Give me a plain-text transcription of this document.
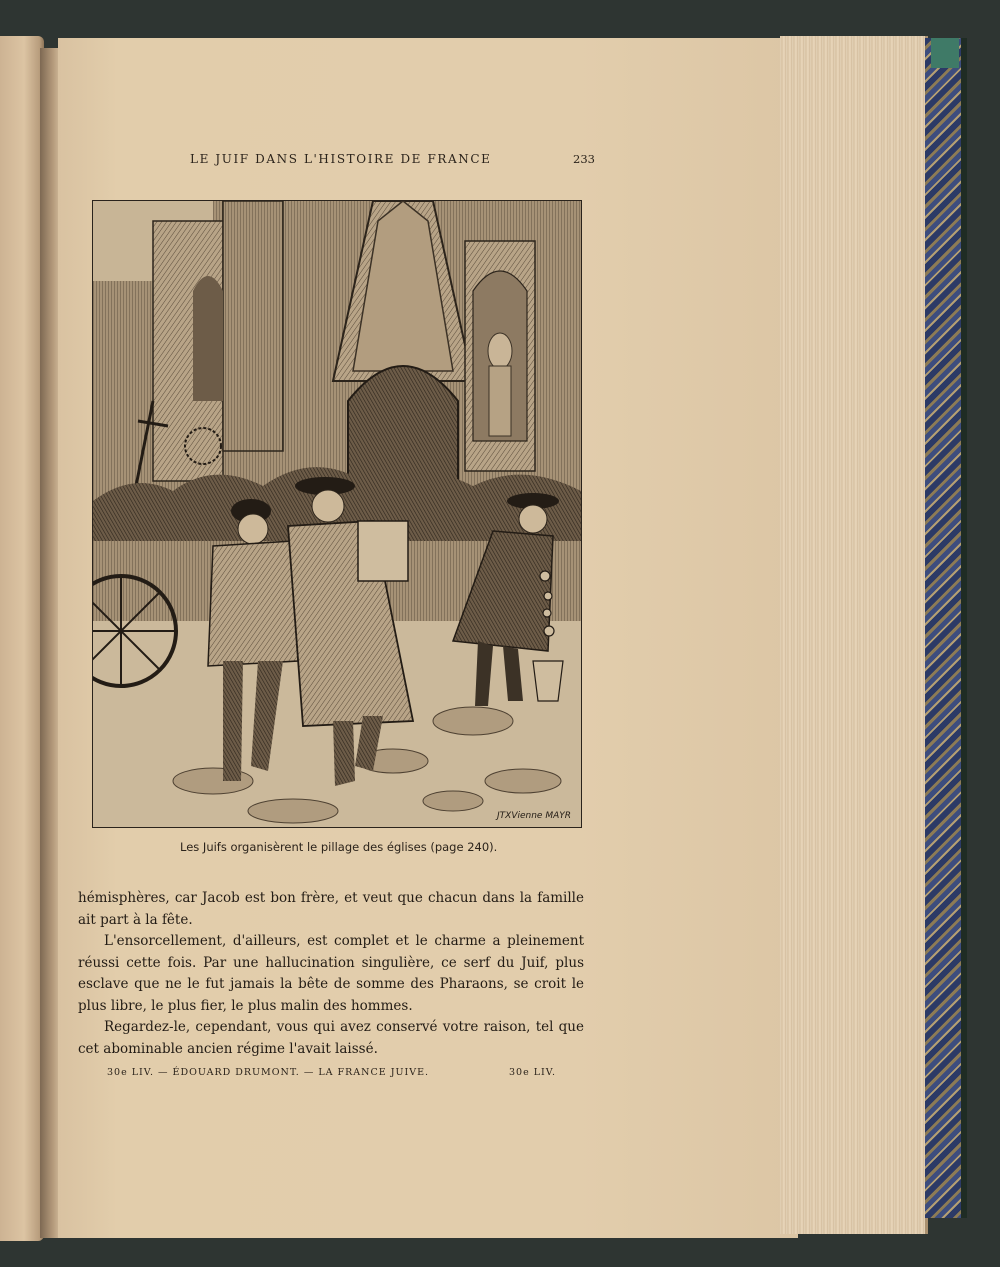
LE JUIF DANS L'HISTOIRE DE FRANCE	233
JTXVienne MAYR
Les Juifs organisèrent le pillage des églises (page 240).

hémisphères, car Jacob est bon frère, et veut que chacun dans la famille ait part à la fête.

L'ensorcellement, d'ailleurs, est complet et le charme a pleinement réussi cette fois. Par une hallucination singulière, ce serf du Juif, plus esclave que ne le fut jamais la bête de somme des Pharaons, se croit le plus libre, le plus fier, le plus malin des hommes.

Regardez-le, cependant, vous qui avez conservé votre raison, tel que cet abominable ancien régime l'avait laissé.

30e LIV. — ÉDOUARD DRUMONT. — LA FRANCE JUIVE.	30e LIV.
